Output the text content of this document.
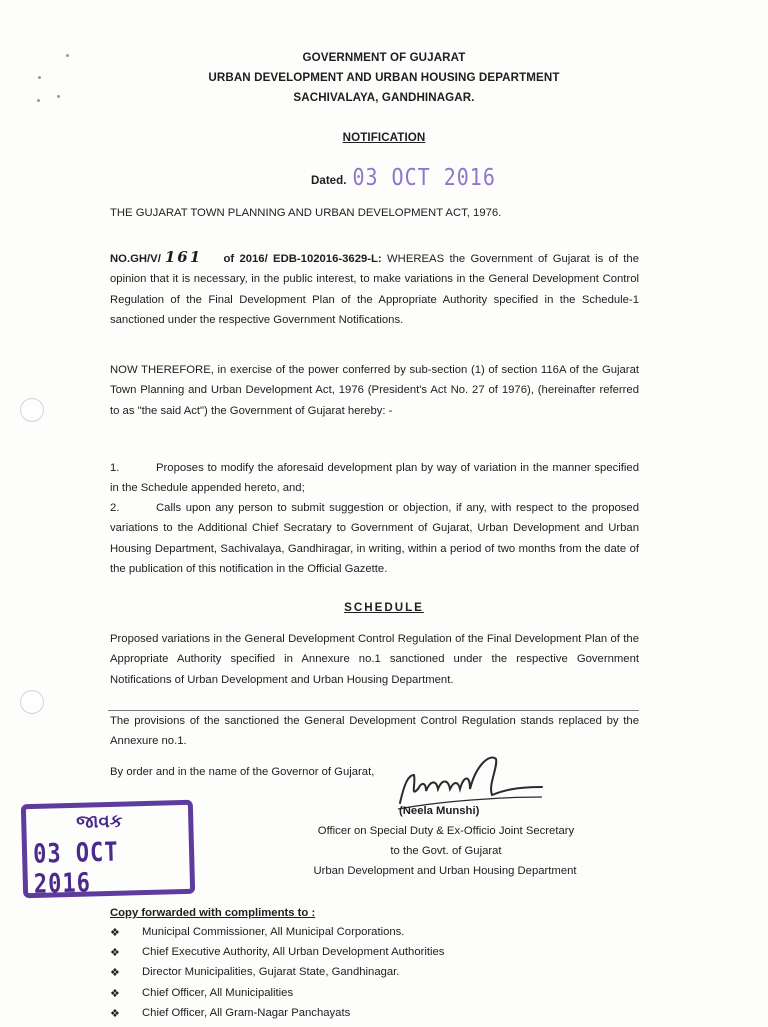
GOVERNMENT OF GUJARAT
URBAN DEVELOPMENT AND URBAN HOUSING DEPARTMENT
SACHIVALAYA, GANDHINAGAR.
NOTIFICATION
Dated. 03 OCT 2016
THE GUJARAT TOWN PLANNING AND URBAN DEVELOPMENT ACT, 1976.
NO.GH/V/ 161 of 2016/ EDB-102016-3629-L: WHEREAS the Government of Gujarat is of the opinion that it is necessary, in the public interest, to make variations in the General Development Control Regulation of the Final Development Plan of the Appropriate Authority specified in the Schedule-1 sanctioned under the respective Government Notifications.
NOW THEREFORE, in exercise of the power conferred by sub-section (1) of section 116A of the Gujarat Town Planning and Urban Development Act, 1976 (President's Act No. 27 of 1976), (hereinafter referred to as "the said Act") the Government of Gujarat hereby: -
1.	Proposes to modify the aforesaid development plan by way of variation in the manner specified in the Schedule appended hereto, and;
2.	Calls upon any person to submit suggestion or objection, if any, with respect to the proposed variations to the Additional Chief Secratary to Government of Gujarat, Urban Development and Urban Housing Department, Sachivalaya, Gandhiragar, in writing, within a period of two months from the date of the publication of this notification in the Official Gazette.
SCHEDULE
Proposed variations in the General Development Control Regulation of the Final Development Plan of the Appropriate Authority specified in Annexure no.1 sanctioned under the respective Government Notifications of Urban Development and Urban Housing Department.
The provisions of the sanctioned the General Development Control Regulation stands replaced by the Annexure no.1.
By order and in the name of the Governor of Gujarat,
(Neela Munshi)
Officer on Special Duty & Ex-Officio Joint Secretary
to the Govt. of Gujarat
Urban Development and Urban Housing Department
જાવક
03 OCT 2016
Copy forwarded with compliments to :
❖	Municipal Commissioner, All Municipal Corporations.
❖	Chief Executive Authority, All Urban Development Authorities
❖	Director Municipalities, Gujarat State, Gandhinagar.
❖	Chief Officer, All Municipalities
❖	Chief Officer, All Gram-Nagar Panchayats
